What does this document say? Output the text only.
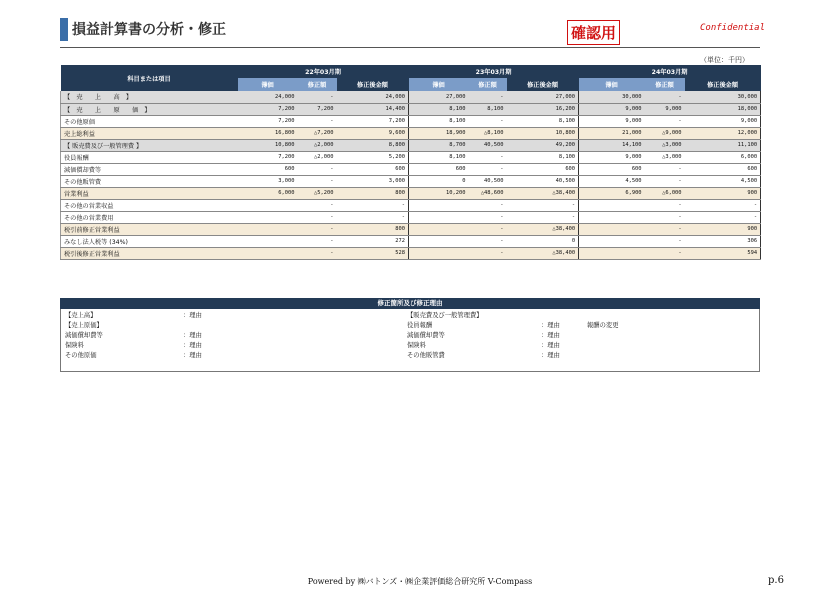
損益計算書の分析・修正	確認用	Confidential
（単位：千円）
科目または項目	22年03月期			23年03月期			24年03月期		
	簿価	修正額	修正後金額	簿価	修正額	修正後金額	簿価	修正額	修正後金額
【　売　　上　　高　】	24,000	-	24,000	27,000	-	27,000	30,000	-	30,000
【　売　　上　　原　　価　】	7,200	7,200	14,400	8,100	8,100	16,200	9,000	9,000	18,000
その他原価	7,200	-	7,200	8,100	-	8,100	9,000	-	9,000
売上総利益	16,800	△7,200	9,600	18,900	△8,100	10,800	21,000	△9,000	12,000
【 販売費及び一般管理費 】	10,800	△2,000	8,800	8,700	40,500	49,200	14,100	△3,000	11,100
役員報酬	7,200	△2,000	5,200	8,100	-	8,100	9,000	△3,000	6,000
減価償却費等	600	-	600	600	-	600	600	-	600
その他販管費	3,000	-	3,000	0	40,500	40,500	4,500	-	4,500
営業利益	6,000	△5,200	800	10,200	△48,600	△38,400	6,900	△6,000	900
その他の営業収益		-	-		-	-		-	-
その他の営業費用		-	-		-	-		-	-
税引前修正営業利益		-	800		-	△38,400		-	900
みなし法人税等 (34%)		-	272		-	0		-	306
税引後修正営業利益		-	528		-	△38,400		-	594
修正箇所及び修正理由
【売上高】	：理由
【売上原価】
減価償却費等	：理由
保険料	：理由
その他原価	：理由
【販売費及び一般管理費】
役員報酬	：理由	報酬の変更
減価償却費等	：理由
保険料	：理由
その他販管費	：理由
Powered by ㈱バトンズ・㈱企業評価総合研究所 V-Compass	p.6
